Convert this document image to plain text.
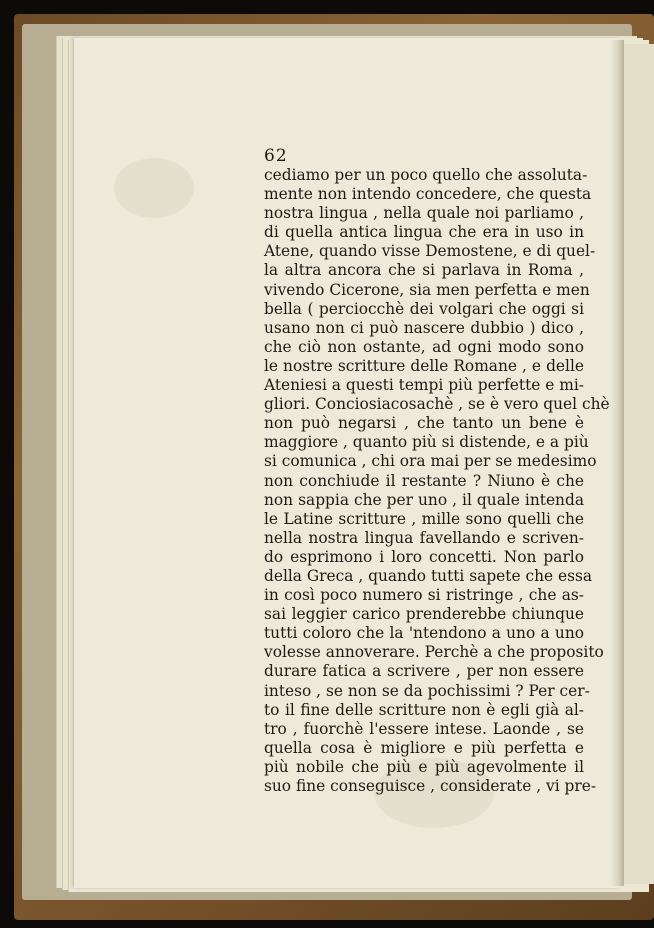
62
cediamo per un poco quello che assoluta-
mente non intendo concedere, che questa
nostra lingua , nella quale noi parliamo ,
di quella antica lingua che era in uso in
Atene, quando visse Demostene, e di quel-
la altra ancora che si parlava in Roma ,
vivendo Cicerone, sia men perfetta e men
bella ( perciocchè dei volgari che oggi si
usano non ci può nascere dubbio ) dico ,
che ciò non ostante, ad ogni modo sono
le nostre scritture delle Romane , e delle
Ateniesi a questi tempi più perfette e mi-
gliori. Conciosiacosachè , se è vero quel chè
non può negarsi , che tanto un bene è
maggiore , quanto più si distende, e a più
si comunica , chi ora mai per se medesimo
non conchiude il restante ? Niuno è che
non sappia che per uno , il quale intenda
le Latine scritture , mille sono quelli che
nella nostra lingua favellando e scriven-
do esprimono i loro concetti. Non parlo
della Greca , quando tutti sapete che essa
in così poco numero si ristringe , che as-
sai leggier carico prenderebbe chiunque
tutti coloro che la 'ntendono a uno a uno
volesse annoverare. Perchè a che proposito
durare fatica a scrivere , per non essere
inteso , se non se da pochissimi ? Per cer-
to il fine delle scritture non è egli già al-
tro , fuorchè l'essere intese. Laonde , se
quella cosa è migliore e più perfetta e
più nobile che più e più agevolmente il
suo fine conseguisce , considerate , vi pre-
